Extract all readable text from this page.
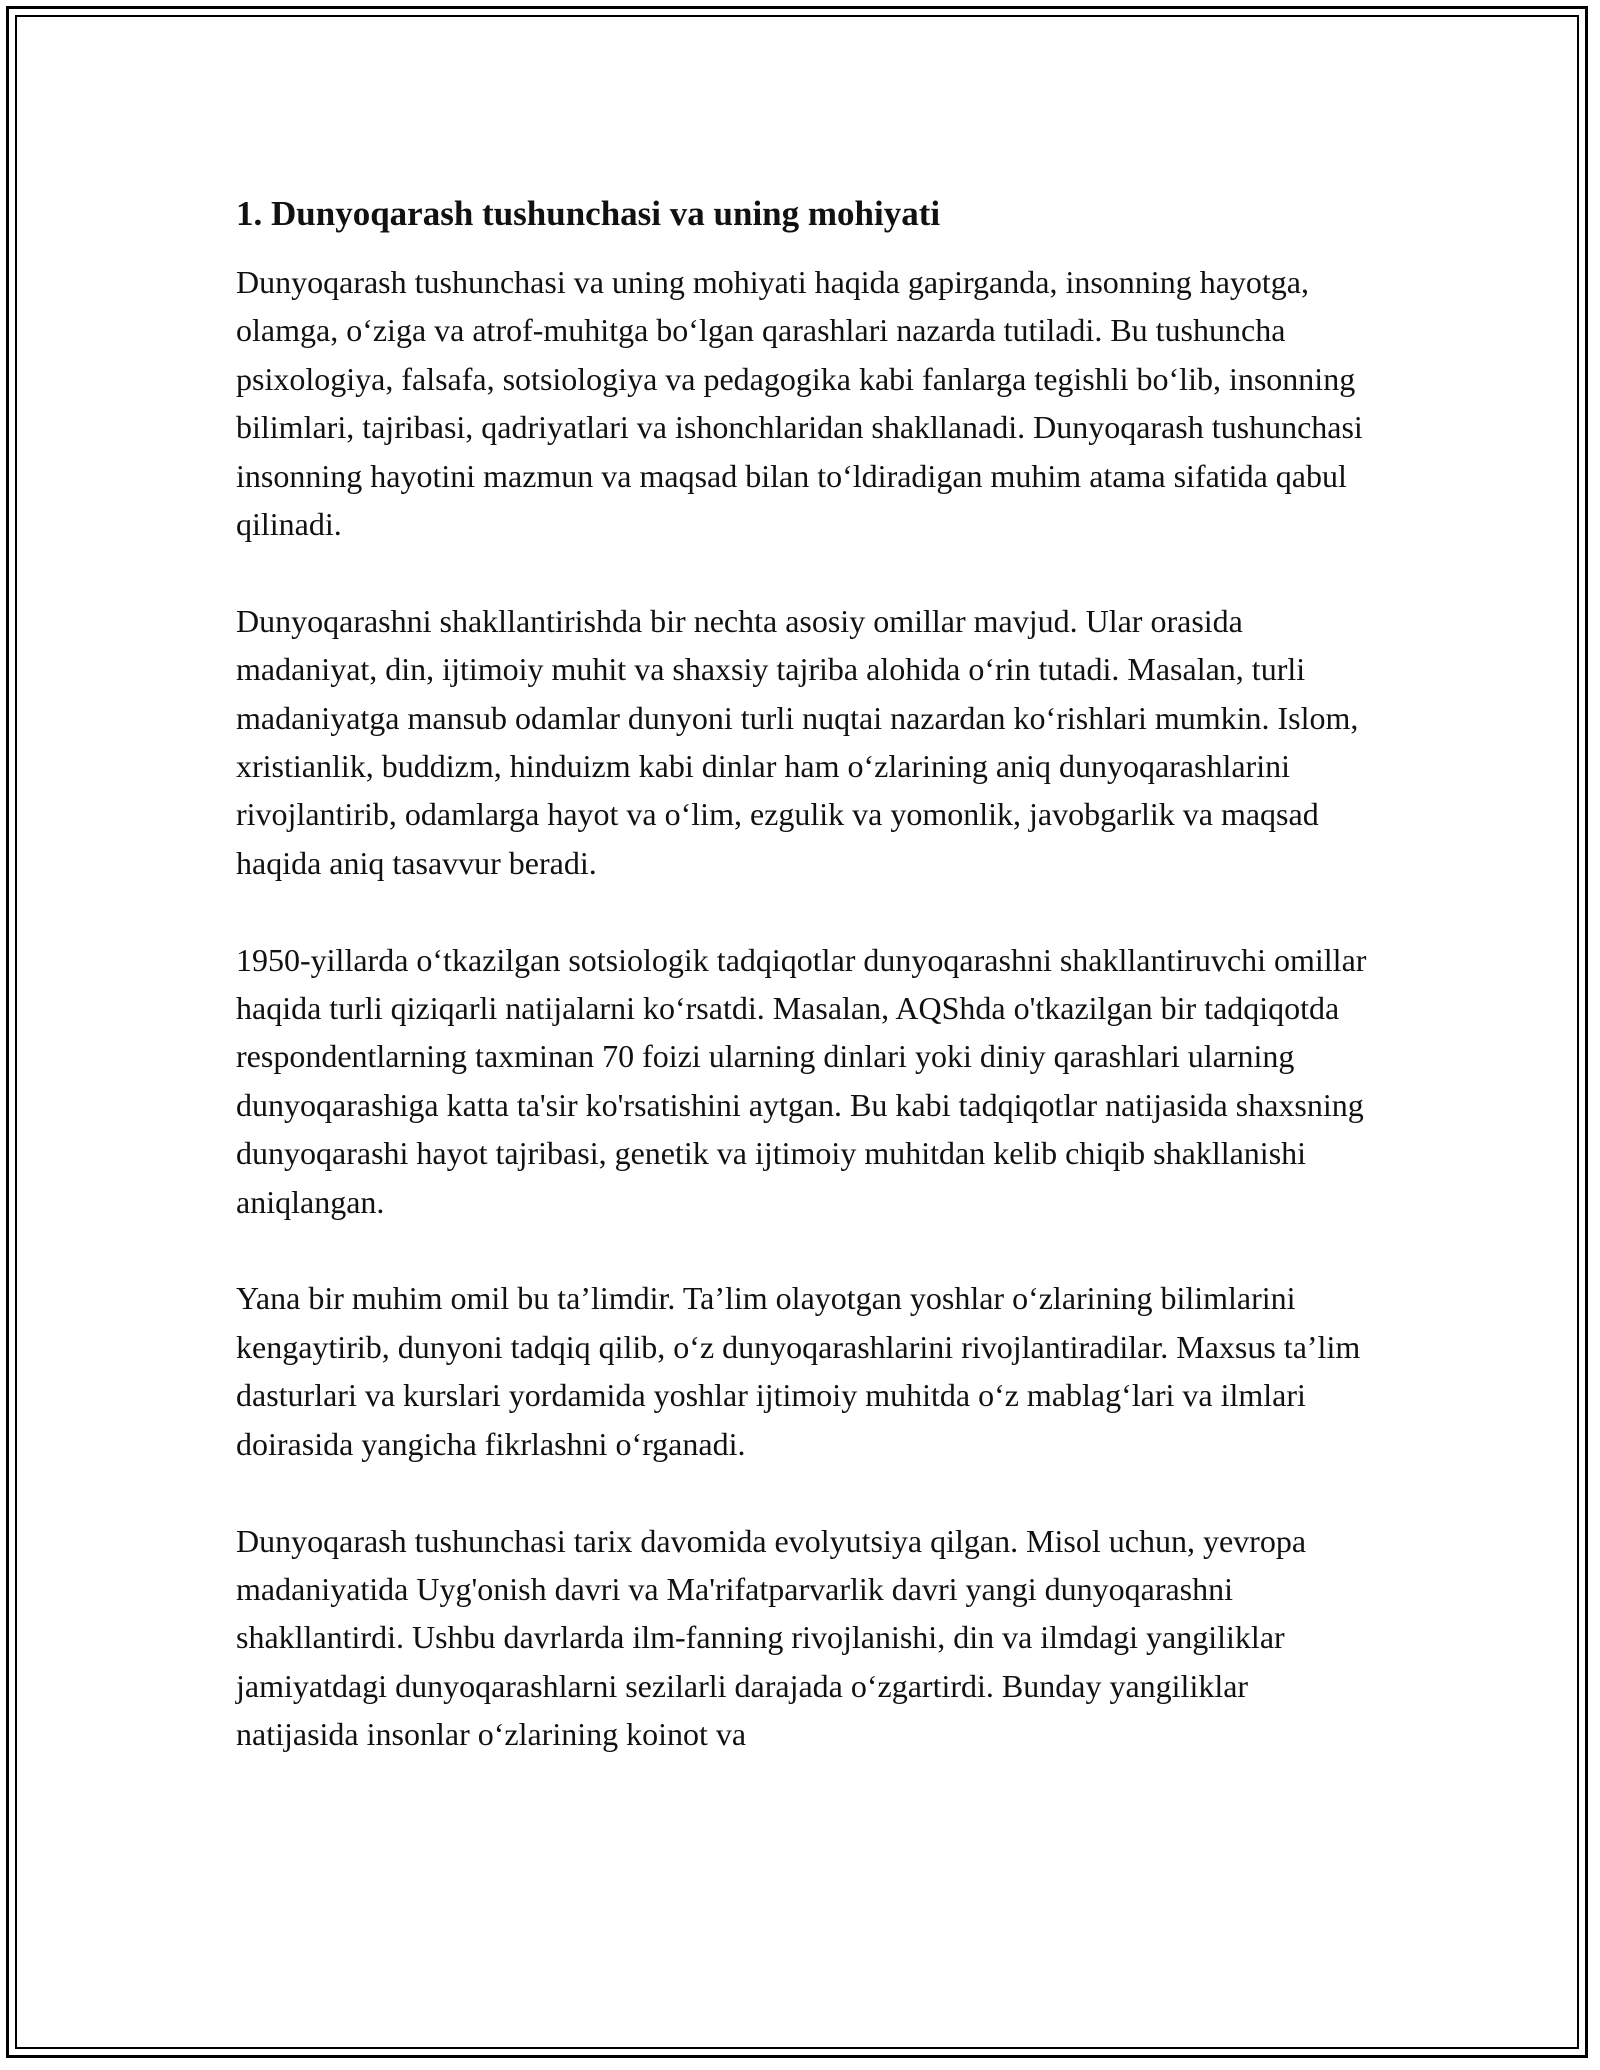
1. Dunyoqarash tushunchasi va uning mohiyati

Dunyoqarash tushunchasi va uning mohiyati haqida gapirganda, insonning hayotga, olamga, o‘ziga va atrof-muhitga bo‘lgan qarashlari nazarda tutiladi. Bu tushuncha psixologiya, falsafa, sotsiologiya va pedagogika kabi fanlarga tegishli bo‘lib, insonning bilimlari, tajribasi, qadriyatlari va ishonchlaridan shakllanadi. Dunyoqarash tushunchasi insonning hayotini mazmun va maqsad bilan to‘ldiradigan muhim atama sifatida qabul qilinadi.

Dunyoqarashni shakllantirishda bir nechta asosiy omillar mavjud. Ular orasida madaniyat, din, ijtimoiy muhit va shaxsiy tajriba alohida o‘rin tutadi. Masalan, turli madaniyatga mansub odamlar dunyoni turli nuqtai nazardan ko‘rishlari mumkin. Islom, xristianlik, buddizm, hinduizm kabi dinlar ham o‘zlarining aniq dunyoqarashlarini rivojlantirib, odamlarga hayot va o‘lim, ezgulik va yomonlik, javobgarlik va maqsad haqida aniq tasavvur beradi.

1950-yillarda o‘tkazilgan sotsiologik tadqiqotlar dunyoqarashni shakllantiruvchi omillar haqida turli qiziqarli natijalarni ko‘rsatdi. Masalan, AQShda o'tkazilgan bir tadqiqotda respondentlarning taxminan 70 foizi ularning dinlari yoki diniy qarashlari ularning dunyoqarashiga katta ta'sir ko'rsatishini aytgan. Bu kabi tadqiqotlar natijasida shaxsning dunyoqarashi hayot tajribasi, genetik va ijtimoiy muhitdan kelib chiqib shakllanishi aniqlangan.

Yana bir muhim omil bu ta’limdir. Ta’lim olayotgan yoshlar o‘zlarining bilimlarini kengaytirib, dunyoni tadqiq qilib, o‘z dunyoqarashlarini rivojlantiradilar. Maxsus ta’lim dasturlari va kurslari yordamida yoshlar ijtimoiy muhitda o‘z mablag‘lari va ilmlari doirasida yangicha fikrlashni o‘rganadi.

Dunyoqarash tushunchasi tarix davomida evolyutsiya qilgan. Misol uchun, yevropa madaniyatida Uyg'onish davri va Ma'rifatparvarlik davri yangi dunyoqarashni shakllantirdi. Ushbu davrlarda ilm-fanning rivojlanishi, din va ilmdagi yangiliklar jamiyatdagi dunyoqarashlarni sezilarli darajada o‘zgartirdi. Bunday yangiliklar natijasida insonlar o‘zlarining koinot va
